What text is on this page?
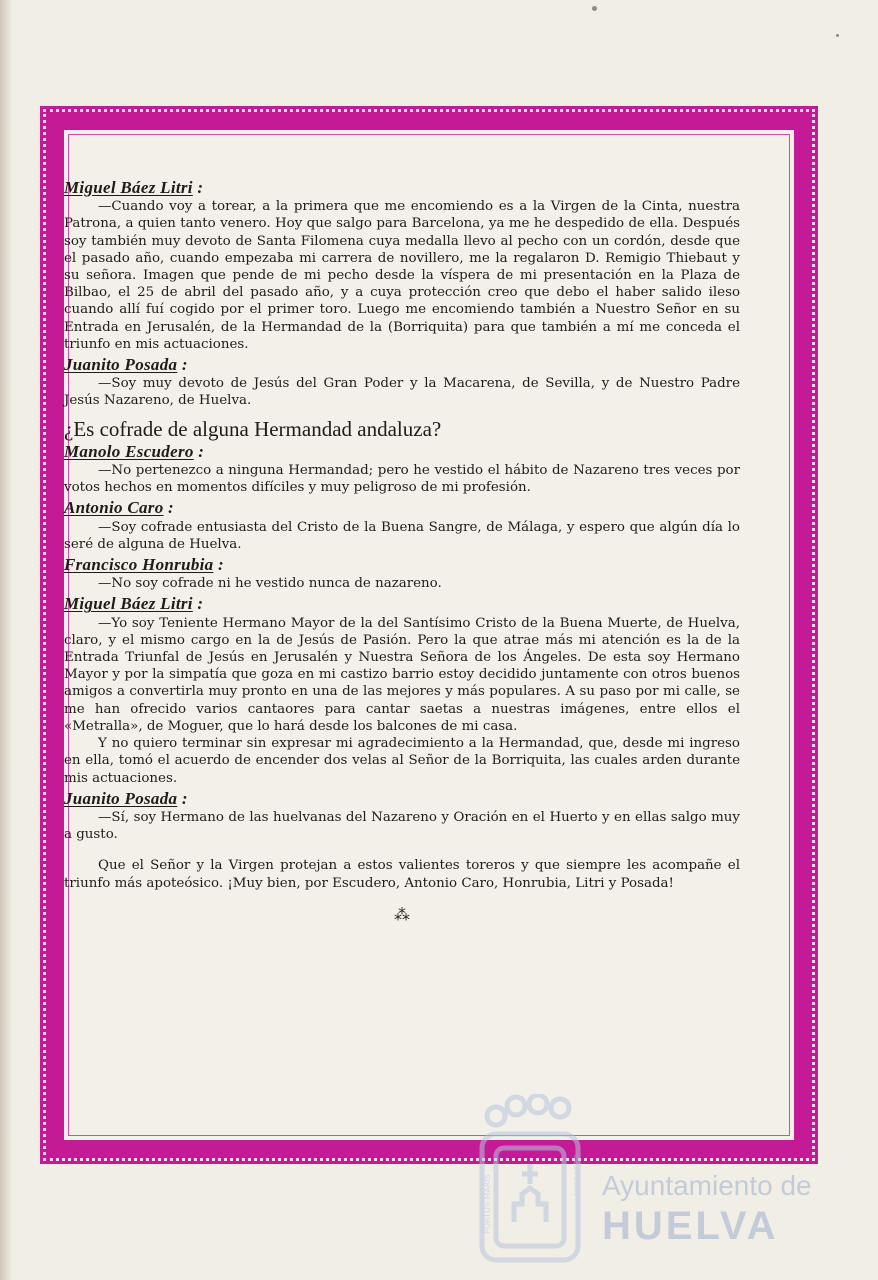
Miguel Báez Litri :

—Cuando voy a torear, a la primera que me encomiendo es a la Virgen de la Cinta, nuestra Patrona, a quien tanto venero. Hoy que salgo para Barcelona, ya me he despedido de ella. Después soy también muy devoto de Santa Filomena cuya medalla llevo al pecho con un cordón, desde que el pasado año, cuando empezaba mi carrera de novillero, me la regalaron D. Remigio Thiebaut y su señora. Imagen que pende de mi pecho desde la víspera de mi presentación en la Plaza de Bilbao, el 25 de abril del pasado año, y a cuya protección creo que debo el haber salido ileso cuando allí fuí cogido por el primer toro. Luego me encomiendo también a Nuestro Señor en su Entrada en Jerusalén, de la Hermandad de la (Borriquita) para que también a mí me conceda el triunfo en mis actuaciones.

Juanito Posada :

—Soy muy devoto de Jesús del Gran Poder y la Macarena, de Sevilla, y de Nuestro Padre Jesús Nazareno, de Huelva.

¿Es cofrade de alguna Hermandad andaluza?
Manolo Escudero :

—No pertenezco a ninguna Hermandad; pero he vestido el hábito de Nazareno tres veces por votos hechos en momentos difíciles y muy peligroso de mi profesión.

Antonio Caro :

—Soy cofrade entusiasta del Cristo de la Buena Sangre, de Málaga, y espero que algún día lo seré de alguna de Huelva.

Francisco Honrubia :

—No soy cofrade ni he vestido nunca de nazareno.

Miguel Báez Litri :

—Yo soy Teniente Hermano Mayor de la del Santísimo Cristo de la Buena Muerte, de Huelva, claro, y el mismo cargo en la de Jesús de Pasión. Pero la que atrae más mi atención es la de la Entrada Triunfal de Jesús en Jerusalén y Nuestra Señora de los Ángeles. De esta soy Hermano Mayor y por la simpatía que goza en mi castizo barrio estoy decidido juntamente con otros buenos amigos a convertirla muy pronto en una de las mejores y más populares. A su paso por mi calle, se me han ofrecido varios cantaores para cantar saetas a nuestras imágenes, entre ellos el «Metralla», de Moguer, que lo hará desde los balcones de mi casa.

Y no quiero terminar sin expresar mi agradecimiento a la Hermandad, que, desde mi ingreso en ella, tomó el acuerdo de encender dos velas al Señor de la Borriquita, las cuales arden durante mis actuaciones.

Juanito Posada :

—Sí, soy Hermano de las huelvanas del Nazareno y Oración en el Huerto y en ellas salgo muy a gusto.

Que el Señor y la Virgen protejan a estos valientes toreros y que siempre les acompañe el triunfo más apoteósico. ¡Muy bien, por Escudero, Antonio Caro, Honrubia, Litri y Posada!

⁂
PORTUS MARIS	CUSTODIA Ayuntamiento de
HUELVA
